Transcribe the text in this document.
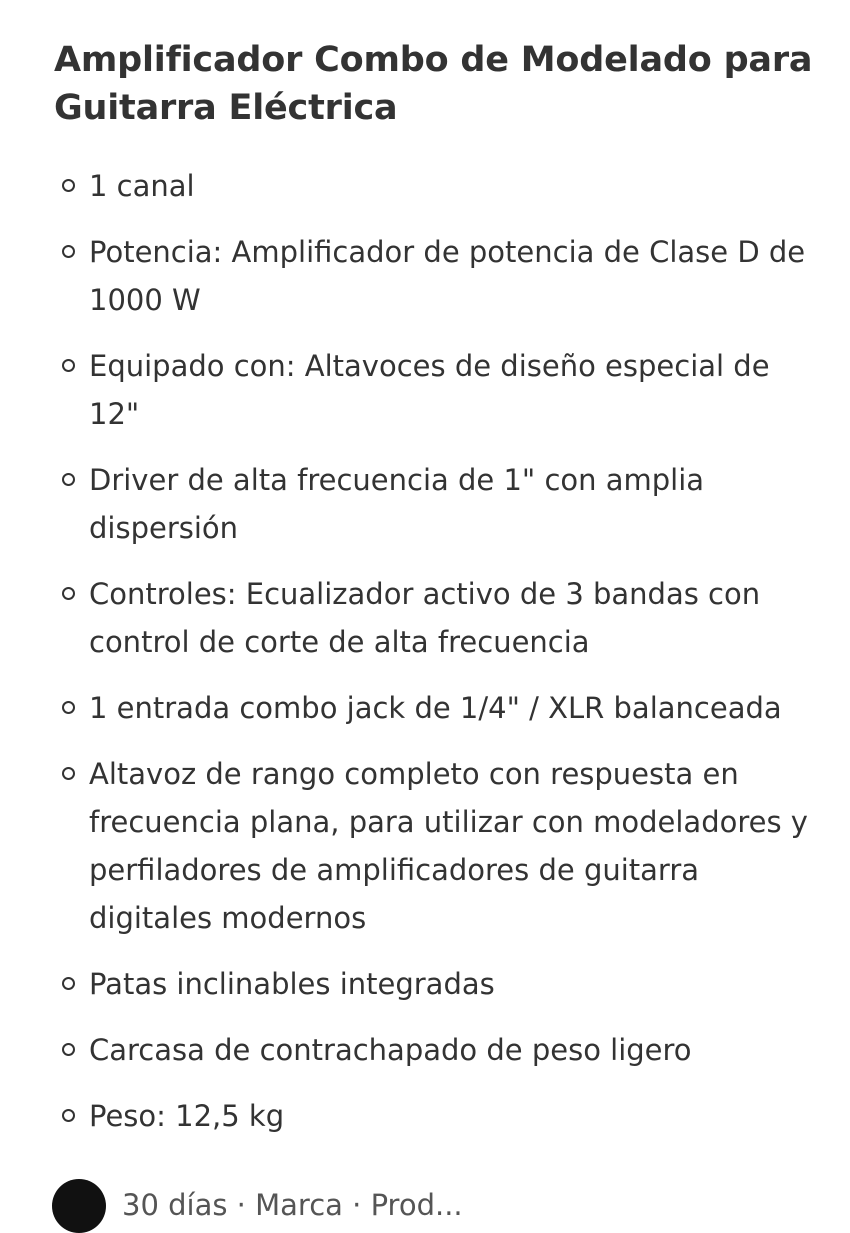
Amplificador Combo de Modelado para Guitarra Eléctrica
1 canal
Potencia: Amplificador de potencia de Clase D de 1000 W
Equipado con: Altavoces de diseño especial de 12"
Driver de alta frecuencia de 1" con amplia dispersión
Controles: Ecualizador activo de 3 bandas con control de corte de alta frecuencia
1 entrada combo jack de 1/4" / XLR balanceada
Altavoz de rango completo con respuesta en frecuencia plana, para utilizar con modeladores y perfiladores de amplificadores de guitarra digitales modernos
Patas inclinables integradas
Carcasa de contrachapado de peso ligero
Peso: 12,5 kg
30 días · Marca · Prod...
